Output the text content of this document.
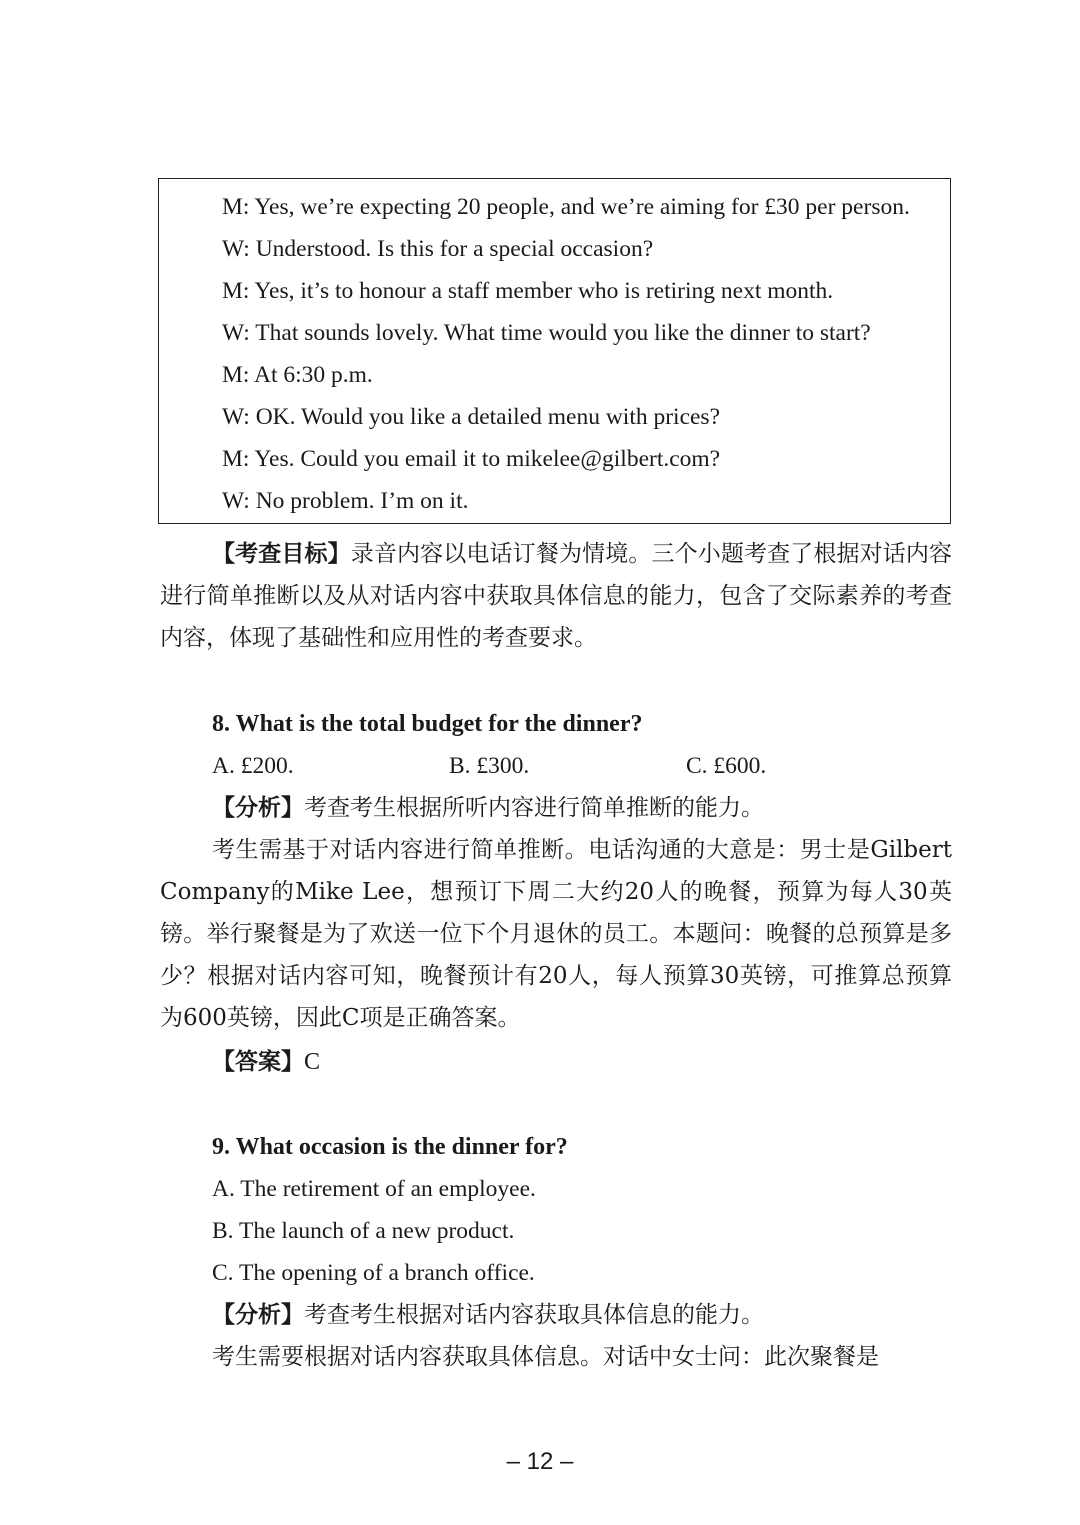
M: Yes, we’re expecting 20 people, and we’re aiming for £30 per person.
W: Understood. Is this for a special occasion?
M: Yes, it’s to honour a staff member who is retiring next month.
W: That sounds lovely. What time would you like the dinner to start?
M: At 6:30 p.m.
W: OK. Would you like a detailed menu with prices?
M: Yes. Could you email it to mikelee@gilbert.com?
W: No problem. I’m on it.
【考查目标】录音内容以电话订餐为情境。三个小题考查了根据对话内容进行简单推断以及从对话内容中获取具体信息的能力，包含了交际素养的考查内容，体现了基础性和应用性的考查要求。
8. What is the total budget for the dinner?
A. £200.	B. £300.	C. £600.
【分析】考查考生根据所听内容进行简单推断的能力。
考生需基于对话内容进行简单推断。电话沟通的大意是：男士是Gilbert Company的Mike Lee，想预订下周二大约20人的晚餐，预算为每人30英镑。举行聚餐是为了欢送一位下个月退休的员工。本题问：晚餐的总预算是多少？根据对话内容可知，晚餐预计有20人，每人预算30英镑，可推算总预算为600英镑，因此C项是正确答案。
【答案】C
9. What occasion is the dinner for?
A. The retirement of an employee.
B. The launch of a new product.
C. The opening of a branch office.
【分析】考查考生根据对话内容获取具体信息的能力。
考生需要根据对话内容获取具体信息。对话中女士问：此次聚餐是
– 12 –
